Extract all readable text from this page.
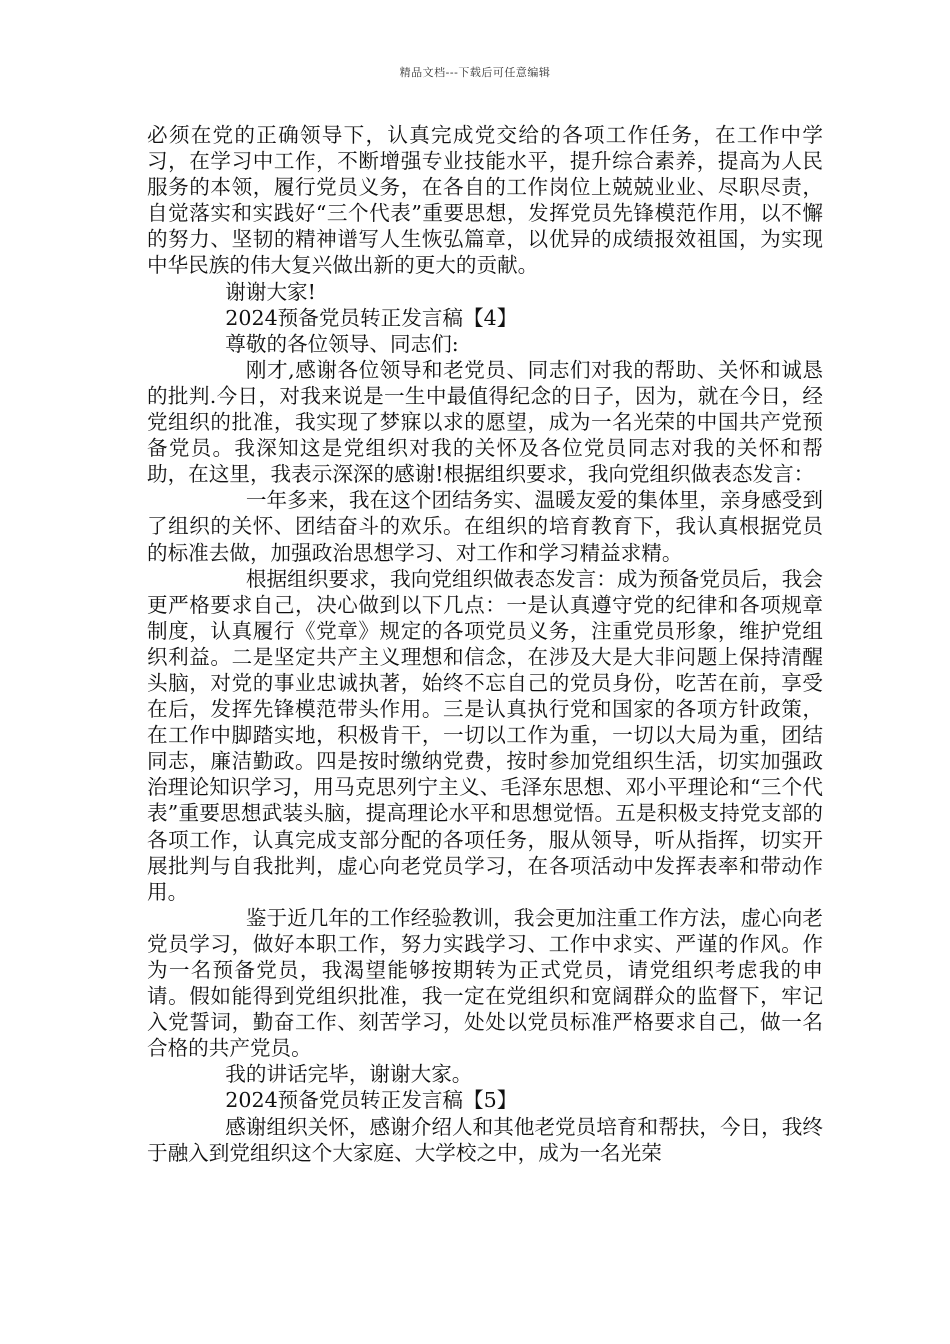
精品文档---下载后可任意编辑

必须在党的正确领导下，认真完成党交给的各项工作任务，在工作中学习，在学习中工作，不断增强专业技能水平，提升综合素养，提高为人民服务的本领，履行党员义务，在各自的工作岗位上兢兢业业、尽职尽责，自觉落实和实践好“三个代表”重要思想，发挥党员先锋模范作用，以不懈的努力、坚韧的精神谱写人生恢弘篇章，以优异的成绩报效祖国，为实现中华民族的伟大复兴做出新的更大的贡献。

谢谢大家!

2024预备党员转正发言稿【4】

尊敬的各位领导、同志们:

刚才,感谢各位领导和老党员、同志们对我的帮助、关怀和诚恳的批判.今日，对我来说是一生中最值得纪念的日子，因为，就在今日，经党组织的批准，我实现了梦寐以求的愿望，成为一名光荣的中国共产党预备党员。我深知这是党组织对我的关怀及各位党员同志对我的关怀和帮助，在这里，我表示深深的感谢!根据组织要求，我向党组织做表态发言：

一年多来，我在这个团结务实、温暖友爱的集体里，亲身感受到了组织的关怀、团结奋斗的欢乐。在组织的培育教育下，我认真根据党员的标准去做，加强政治思想学习、对工作和学习精益求精。

根据组织要求，我向党组织做表态发言：成为预备党员后，我会更严格要求自己，决心做到以下几点：一是认真遵守党的纪律和各项规章制度，认真履行《党章》规定的各项党员义务，注重党员形象，维护党组织利益。二是坚定共产主义理想和信念，在涉及大是大非问题上保持清醒头脑，对党的事业忠诚执著，始终不忘自己的党员身份，吃苦在前，享受在后，发挥先锋模范带头作用。三是认真执行党和国家的各项方针政策，在工作中脚踏实地，积极肯干，一切以工作为重，一切以大局为重，团结同志，廉洁勤政。四是按时缴纳党费，按时参加党组织生活，切实加强政治理论知识学习，用马克思列宁主义、毛泽东思想、邓小平理论和“三个代表”重要思想武装头脑，提高理论水平和思想觉悟。五是积极支持党支部的各项工作，认真完成支部分配的各项任务，服从领导，听从指挥，切实开展批判与自我批判，虚心向老党员学习，在各项活动中发挥表率和带动作用。

鉴于近几年的工作经验教训，我会更加注重工作方法，虚心向老党员学习，做好本职工作，努力实践学习、工作中求实、严谨的作风。作为一名预备党员，我渴望能够按期转为正式党员，请党组织考虑我的申请。假如能得到党组织批准，我一定在党组织和宽阔群众的监督下，牢记入党誓词，勤奋工作、刻苦学习，处处以党员标准严格要求自己，做一名合格的共产党员。

我的讲话完毕，谢谢大家。

2024预备党员转正发言稿【5】

感谢组织关怀，感谢介绍人和其他老党员培育和帮扶，今日，我终于融入到党组织这个大家庭、大学校之中，成为一名光荣
